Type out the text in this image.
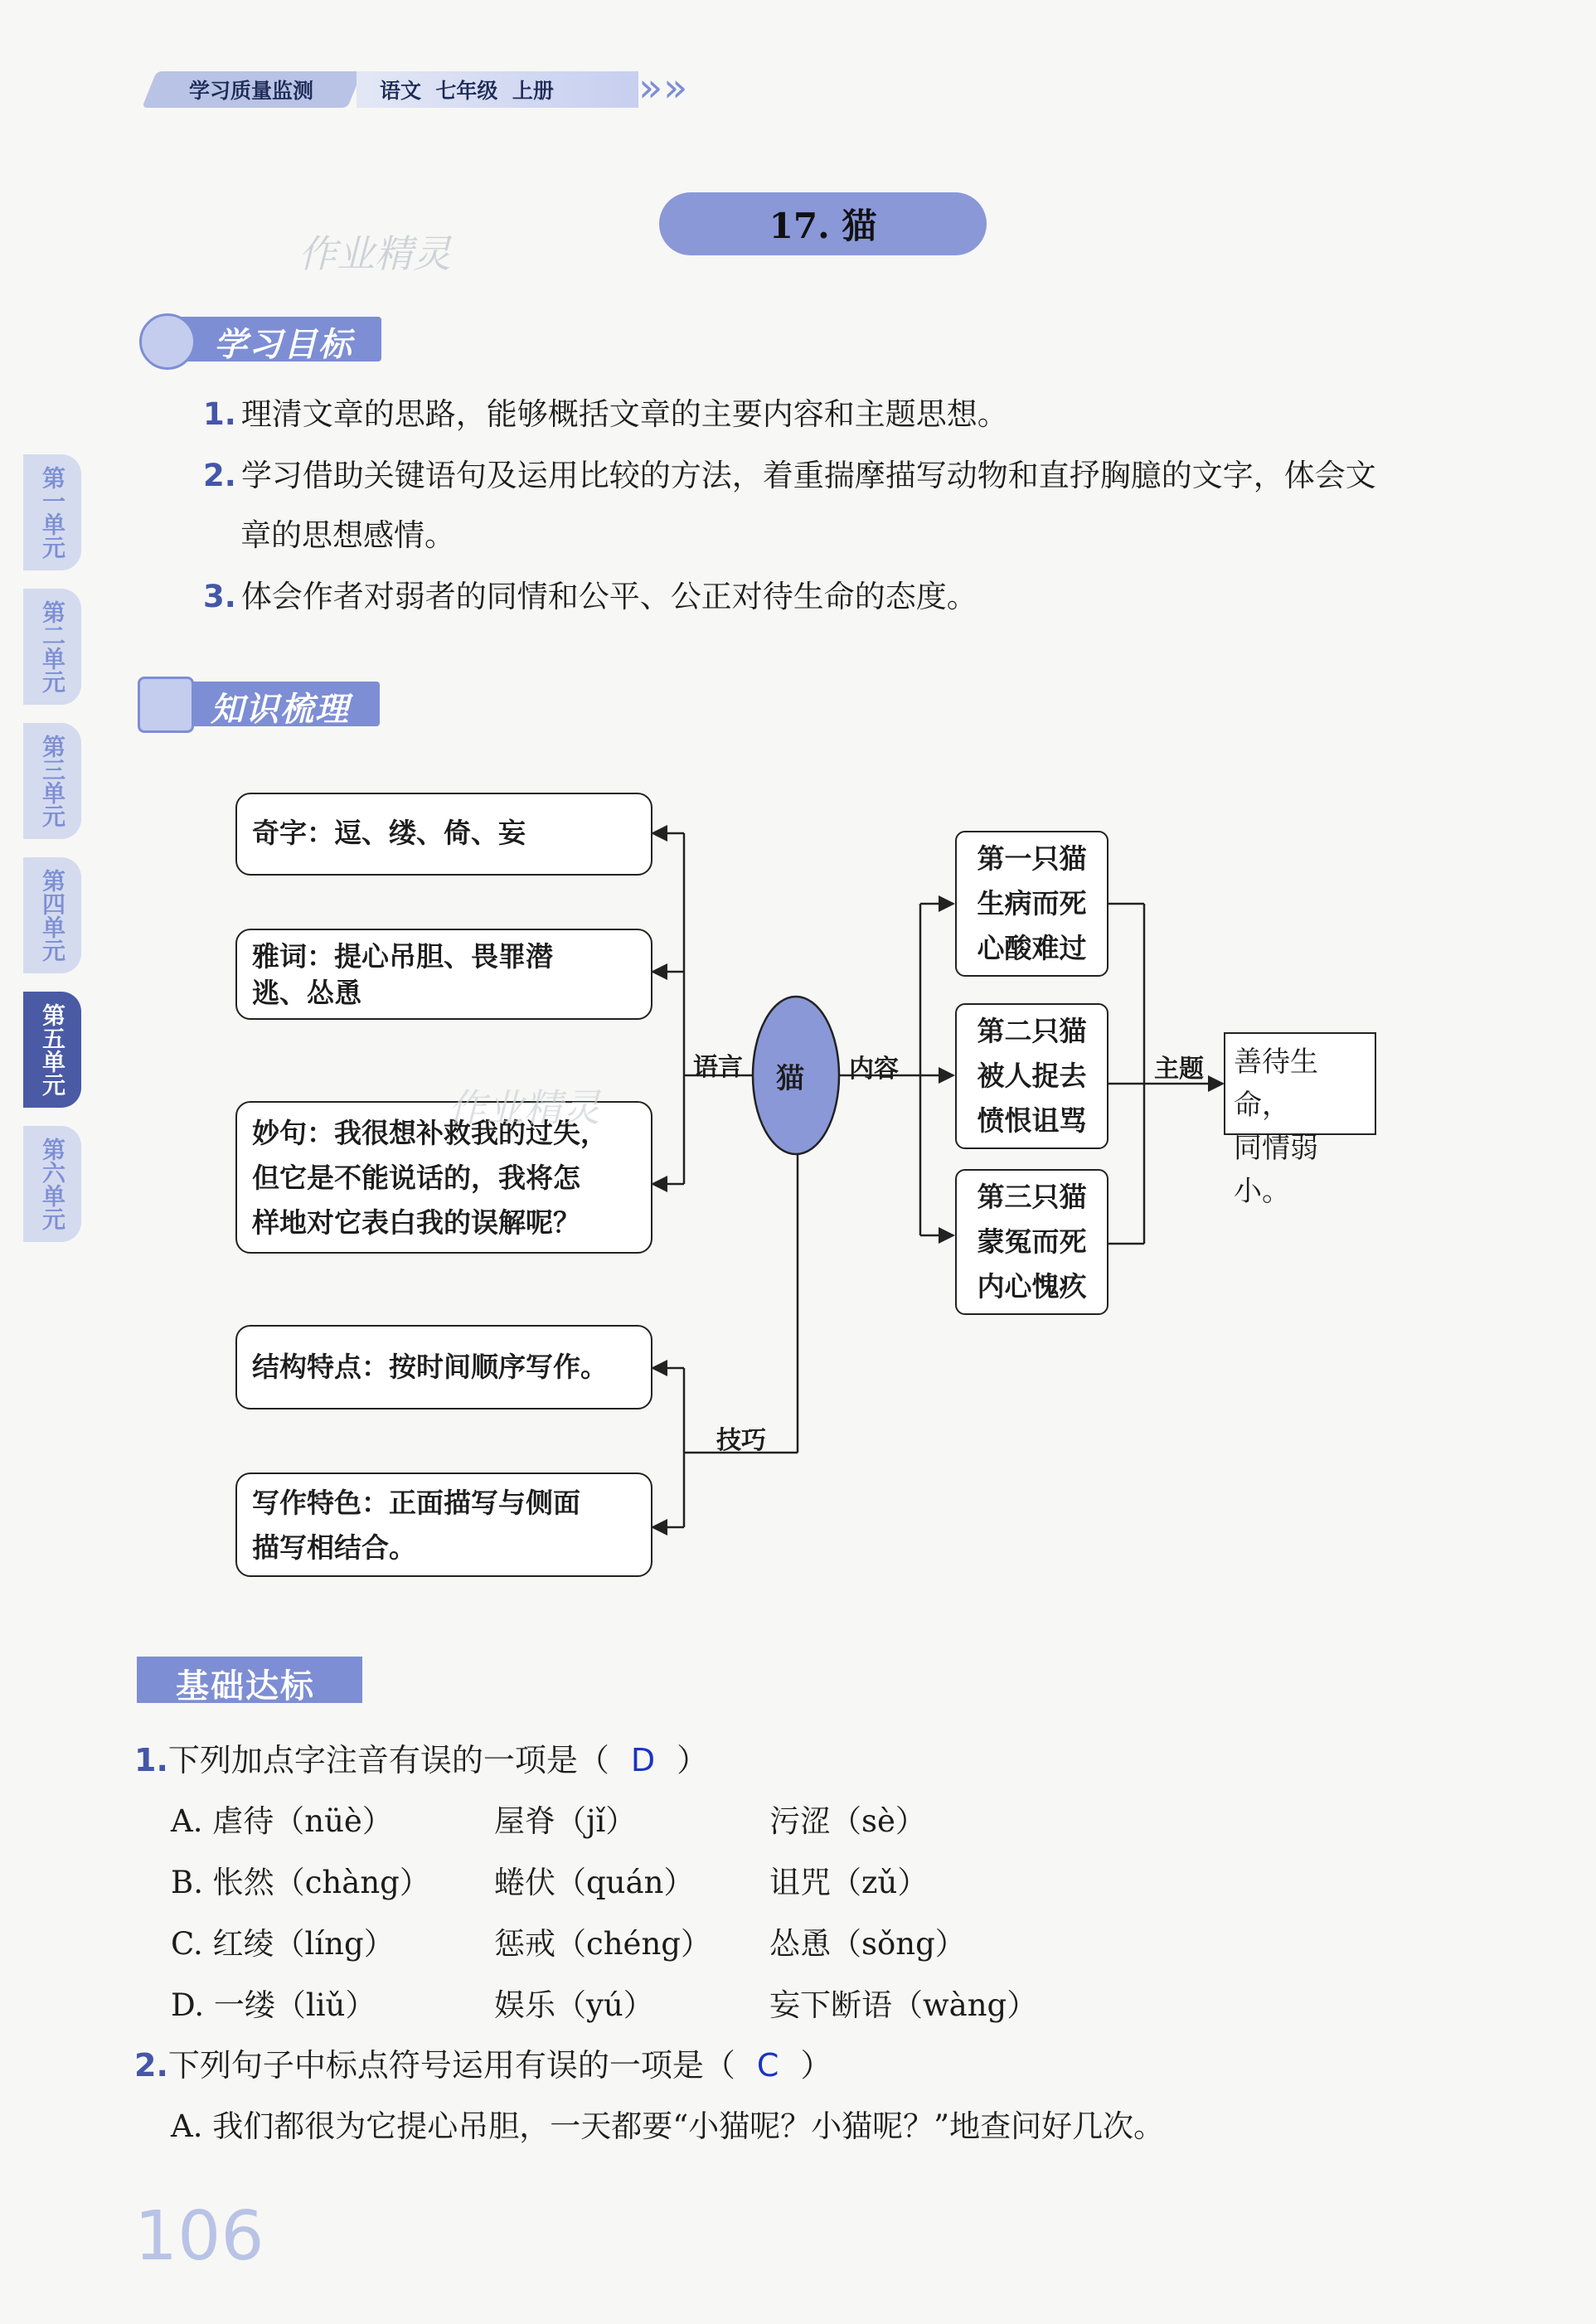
学习质量监测	语文  七年级  上册 » »
17. 猫
作业精灵
学习目标
1. 理清文章的思路，能够概括文章的主要内容和主题思想。
2. 学习借助关键语句及运用比较的方法，着重揣摩描写动物和直抒胸臆的文字，体会文
章的思想感情。
3. 体会作者对弱者的同情和公平、公正对待生命的态度。
第一单元
第二单元
第三单元
第四单元
第五单元
第六单元
知识梳理
猫
语言	内容	主题
技巧
奇字：逗、缕、倚、妄
雅词：提心吊胆、畏罪潜
逃、怂恿
妙句：我很想补救我的过失，
但它是不能说话的，我将怎
样地对它表白我的误解呢？
结构特点：按时间顺序写作。
写作特色：正面描写与侧面
描写相结合。
第一只猫
生病而死
心酸难过
第二只猫
被人捉去
愤恨诅骂
第三只猫
蒙冤而死
内心愧疚
善待生命，
同情弱小。
作业精灵
基础达标
1.下列加点字注音有误的一项是（ D ）
A. 虐待（nüè）	屋脊（jǐ）	污涩（sè）
B. 怅然（chàng） 蜷伏（quán） 诅咒（zǔ）
C. 红绫（líng）	惩戒（chéng） 怂恿（sǒng）
D. 一缕（liǔ）	娱乐（yú）	妄下断语（wàng）
2.下列句子中标点符号运用有误的一项是（ C ）
A. 我们都很为它提心吊胆，一天都要“小猫呢？小猫呢？”地查问好几次。
106
